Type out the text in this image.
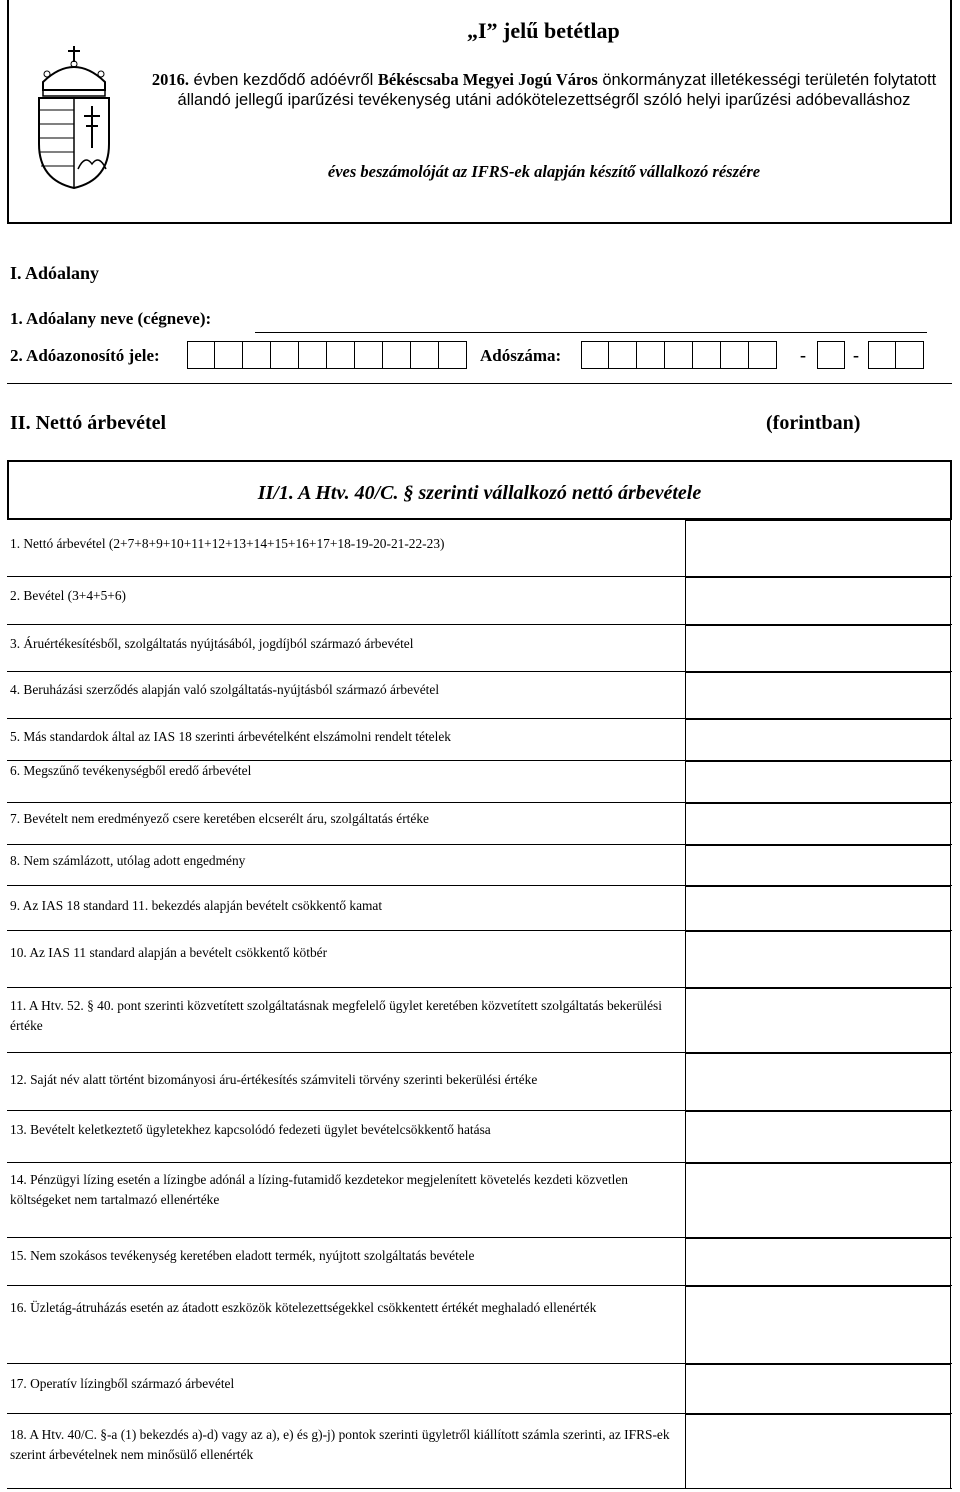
„I” jelű betétlap
2016. évben kezdődő adóévről Békéscsaba Megyei Jogú Város önkormányzat illetékességi területén folytatott állandó jellegű iparűzési tevékenység utáni adókötelezettségről szóló helyi iparűzési adóbevalláshoz
éves beszámolóját az IFRS-ek alapján készítő vállalkozó részére
I. Adóalany
1. Adóalany neve (cégneve):
2. Adóazonosító jele:	Adószáma:	-	-
II. Nettó árbevétel	(forintban)
II/1. A Htv. 40/C. § szerinti vállalkozó nettó árbevétele
1. Nettó árbevétel (2+7+8+9+10+11+12+13+14+15+16+17+18-19-20-21-22-23)
2. Bevétel (3+4+5+6)
3. Áruértékesítésből, szolgáltatás nyújtásából, jogdíjból származó árbevétel
4. Beruházási szerződés alapján való szolgáltatás-nyújtásból származó árbevétel
5. Más standardok által az IAS 18 szerinti árbevételként elszámolni rendelt tételek
6. Megszűnő tevékenységből eredő árbevétel
7. Bevételt nem eredményező csere keretében elcserélt áru, szolgáltatás értéke
8. Nem számlázott, utólag adott engedmény
9. Az IAS 18 standard 11. bekezdés alapján bevételt csökkentő kamat
10. Az IAS 11 standard alapján a bevételt csökkentő kötbér
11. A Htv. 52. § 40. pont szerinti közvetített szolgáltatásnak megfelelő ügylet keretében közvetített szolgáltatás bekerülési értéke
12. Saját név alatt történt bizományosi áru-értékesítés számviteli törvény szerinti bekerülési értéke
13. Bevételt keletkeztető ügyletekhez kapcsolódó fedezeti ügylet bevételcsökkentő hatása
14. Pénzügyi lízing esetén a lízingbe adónál a lízing-futamidő kezdetekor megjelenített követelés kezdeti közvetlen költségeket nem tartalmazó ellenértéke
15. Nem szokásos tevékenység keretében eladott termék, nyújtott szolgáltatás bevétele
16. Üzletág-átruházás esetén az átadott eszközök kötelezettségekkel csökkentett értékét meghaladó ellenérték
17. Operatív lízingből származó árbevétel
18. A Htv. 40/C. §-a (1) bekezdés a)-d) vagy az a), e) és g)-j) pontok szerinti ügyletről kiállított számla szerinti, az IFRS-ek szerint árbevételnek nem minősülő ellenérték
